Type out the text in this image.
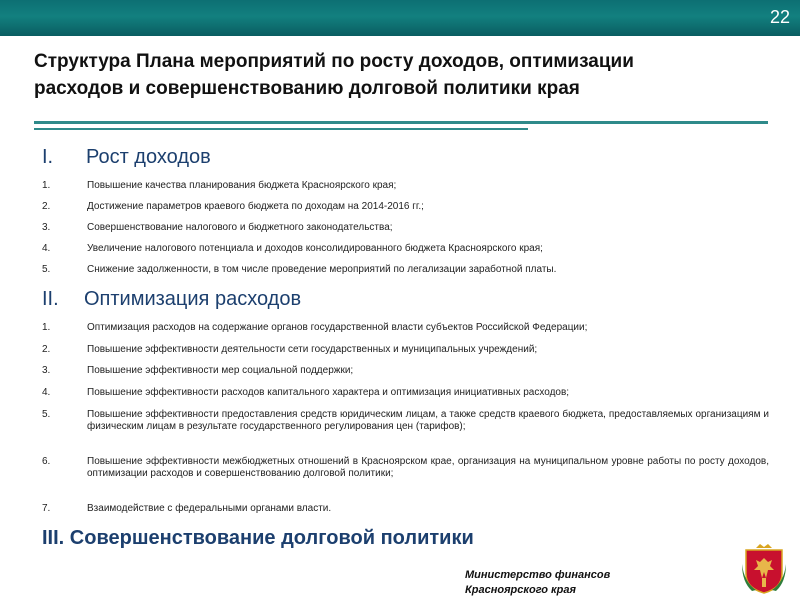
22
Структура Плана мероприятий по росту доходов, оптимизации
расходов и совершенствованию долговой политики края
I. Рост доходов
1.	Повышение качества планирования бюджета Красноярского края;
2.	Достижение параметров краевого бюджета по доходам на 2014-2016 гг.;
3.	Совершенствование налогового и бюджетного законодательства;
4.	Увеличение налогового потенциала и доходов консолидированного бюджета Красноярского края;
5.	Снижение задолженности, в том числе проведение мероприятий по легализации заработной платы.
II. Оптимизация расходов
1.	Оптимизация расходов на содержание органов государственной власти субъектов Российской Федерации;
2.	Повышение эффективности деятельности сети государственных и муниципальных учреждений;
3.	Повышение эффективности мер социальной поддержки;
4.	Повышение эффективности расходов капитального характера и оптимизация инициативных расходов;
5.	Повышение эффективности предоставления средств юридическим лицам, а также средств краевого бюджета, предоставляемых организациям и физическим лицам в результате государственного регулирования цен (тарифов);
6.	Повышение эффективности межбюджетных отношений в Красноярском крае, организация на муниципальном уровне работы по росту доходов, оптимизации расходов и совершенствованию долговой политики;
7.	Взаимодействие с федеральными органами власти.
III. Совершенствование долговой политики
Министерство финансов
Красноярского края
